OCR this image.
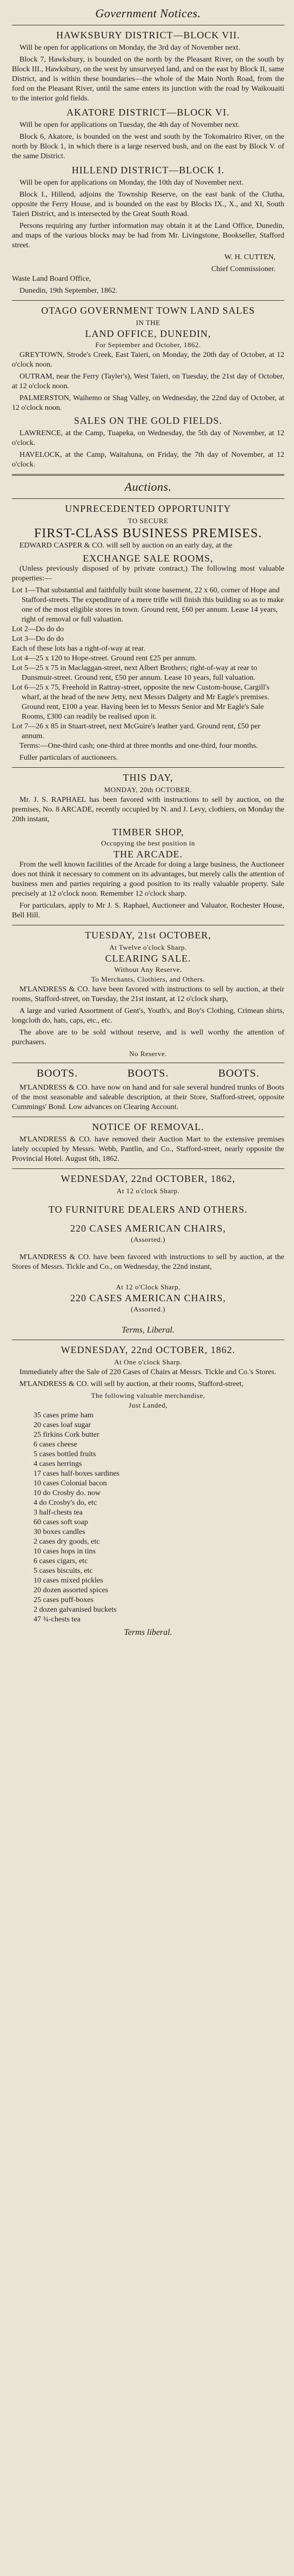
Government Notices.
HAWKSBURY DISTRICT—BLOCK VII.

Will be open for applications on Monday, the 3rd day of November next.

Block 7, Hawksbury, is bounded on the north by the Pleasant River, on the south by Block III., Hawksbury, on the west by unsurveyed land, and on the east by Block II, same District, and is within these boundaries—the whole of the Main North Road, from the ford on the Pleasant River, until the same enters its junction with the road by Waikouaiti to the interior gold fields.

AKATORE DISTRICT—BLOCK VI.

Will be open for applications on Tuesday, the 4th day of November next.

Block 6, Akatore, is bounded on the west and south by the Tokomairiro River, on the north by Block 1, in which there is a large reserved bush, and on the east by Block V. of the same District.

HILLEND DISTRICT—BLOCK I.

Will be open for applications on Monday, the 10th day of November next.

Block I., Hillend, adjoins the Township Reserve, on the east bank of the Clutha, opposite the Ferry House, and is bounded on the east by Blocks IX., X., and XI, South Taieri District, and is intersected by the Great South Road.

Persons requiring any further information may obtain it at the Land Office, Dunedin, and maps of the various blocks may be had from Mr. Livingstone, Bookseller, Stafford street.

W. H. CUTTEN,
Chief Commissioner.

Waste Land Board Office,

Dunedin, 19th September, 1862.

OTAGO GOVERNMENT TOWN LAND SALES
IN THE
LAND OFFICE, DUNEDIN,
For September and October, 1862.

GREYTOWN, Strode's Creek, East Taieri, on Monday, the 20th day of October, at 12 o'clock noon.

OUTRAM, near the Ferry (Tayler's), West Taieri, on Tuesday, the 21st day of October, at 12 o'clock noon.

PALMERSTON, Waihemo or Shag Valley, on Wednesday, the 22nd day of October, at 12 o'clock noon.

SALES ON THE GOLD FIELDS.

LAWRENCE, at the Camp, Tuapeka, on Wednesday, the 5th day of November, at 12 o'clock.

HAVELOCK, at the Camp, Waitahuna, on Friday, the 7th day of November, at 12 o'clock.

Auctions.
UNPRECEDENTED OPPORTUNITY
TO SECURE
FIRST-CLASS BUSINESS PREMISES.

EDWARD CASPER & CO. will sell by auction on an early day, at the

EXCHANGE SALE ROOMS,

(Unless previously disposed of by private contract,) The following most valuable properties:—

Lot 1—That substantial and faithfully built stone basement, 22 x 60, corner of Hope and Stafford-streets. The expenditure of a mere trifle will finish this building so as to make one of the most eligible stores in town. Ground rent, £60 per annum. Lease 14 years, right of removal or full valuation.

Lot 2—Do do do

Lot 3—Do do do

Each of these lots has a right-of-way at rear.

Lot 4—25 x 120 to Hope-street. Ground rent £25 per annum.

Lot 5—25 x 75 in Maclaggan-street, next Albert Brothers; right-of-way at rear to Dunsmuir-street. Ground rent, £50 per annum. Lease 10 years, full valuation.

Lot 6—25 x 75, Freehold in Rattray-street, opposite the new Custom-house, Cargill's wharf, at the head of the new Jetty, next Messrs Dalgety and Mr Eagle's premises. Ground rent, £100 a year. Having been let to Messrs Senior and Mr Eagle's Sale Rooms, £300 can readily be realised upon it.

Lot 7—26 x 85 in Stuart-street, next McGuire's leather yard. Ground rent, £50 per annum.

Terms:—One-third cash; one-third at three months and one-third, four months.

Fuller particulars of auctioneers.

THIS DAY,
MONDAY, 20th OCTOBER.

Mr. J. S. RAPHAEL has been favored with instructions to sell by auction, on the premises, No. 8 ARCADE, recently occupied by N. and J. Levy, clothiers, on Monday the 20th instant,

TIMBER SHOP,
Occupying the best position in
THE ARCADE.

From the well known facilities of the Arcade for doing a large business, the Auctioneer does not think it necessary to comment on its advantages, but merely calls the attention of business men and parties requiring a good position to its really valuable property. Sale precisely at 12 o'clock noon. Remember 12 o'clock sharp.

For particulars, apply to Mr J. S. Raphael, Auctioneer and Valuator, Rochester House, Bell Hill.

TUESDAY, 21st OCTOBER,
At Twelve o'clock Sharp.
CLEARING SALE.
Without Any Reserve.
To Merchants, Clothiers, and Others.

M'LANDRESS & CO. have been favored with instructions to sell by auction, at their rooms, Stafford-street, on Tuesday, the 21st instant, at 12 o'clock sharp,

A large and varied Assortment of Gent's, Youth's, and Boy's Clothing, Crimean shirts, longcloth do, hats, caps, etc., etc.

The above are to be sold without reserve, and is well worthy the attention of purchasers.

No Reserve.
BOOTS.	BOOTS.	BOOTS.

M'LANDRESS & CO. have now on hand and for sale several hundred trunks of Boots of the most seasonable and saleable description, at their Store, Stafford-street, opposite Cummings' Bond. Low advances on Clearing Account.

NOTICE OF REMOVAL.

M'LANDRESS & CO. have removed their Auction Mart to the extensive premises lately occupied by Messrs. Webb, Pantlin, and Co., Stafford-street, nearly opposite the Provincial Hotel. August 6th, 1862.

WEDNESDAY, 22nd OCTOBER, 1862,
At 12 o'clock Sharp.
TO FURNITURE DEALERS AND OTHERS.
220 CASES AMERICAN CHAIRS,
(Assorted.)

M'LANDRESS & CO. have been favored with instructions to sell by auction, at the Stores of Messrs. Tickle and Co., on Wednesday, the 22nd instant,

At 12 o'Clock Sharp,
220 CASES AMERICAN CHAIRS,
(Assorted.)
Terms, Liberal.
WEDNESDAY, 22nd OCTOBER, 1862.
At One o'clock Sharp.

Immediately after the Sale of 220 Cases of Chairs at Messrs. Tickle and Co.'s Stores.

M'LANDRESS & CO. will sell by auction, at their rooms, Stafford-street,

The following valuable merchandise,
Just Landed,

35 cases prime ham

20 cases loaf sugar

25 firkins Cork butter

6 cases cheese

5 cases bottled fruits

4 cases herrings

17 cases half-boxes sardines

10 cases Colonial bacon

10 do Crosby do. now

4 do Crosby's do, etc

3 half-chests tea

60 cases soft soap

30 boxes candles

2 cases dry goods, etc

10 cases hops in tins

6 cases cigars, etc

5 cases biscuits, etc

10 cases mixed pickles

20 dozen assorted spices

25 cases puff-boxes

2 dozen galvanised buckets

47 ¾-chests tea

Terms liberal.
